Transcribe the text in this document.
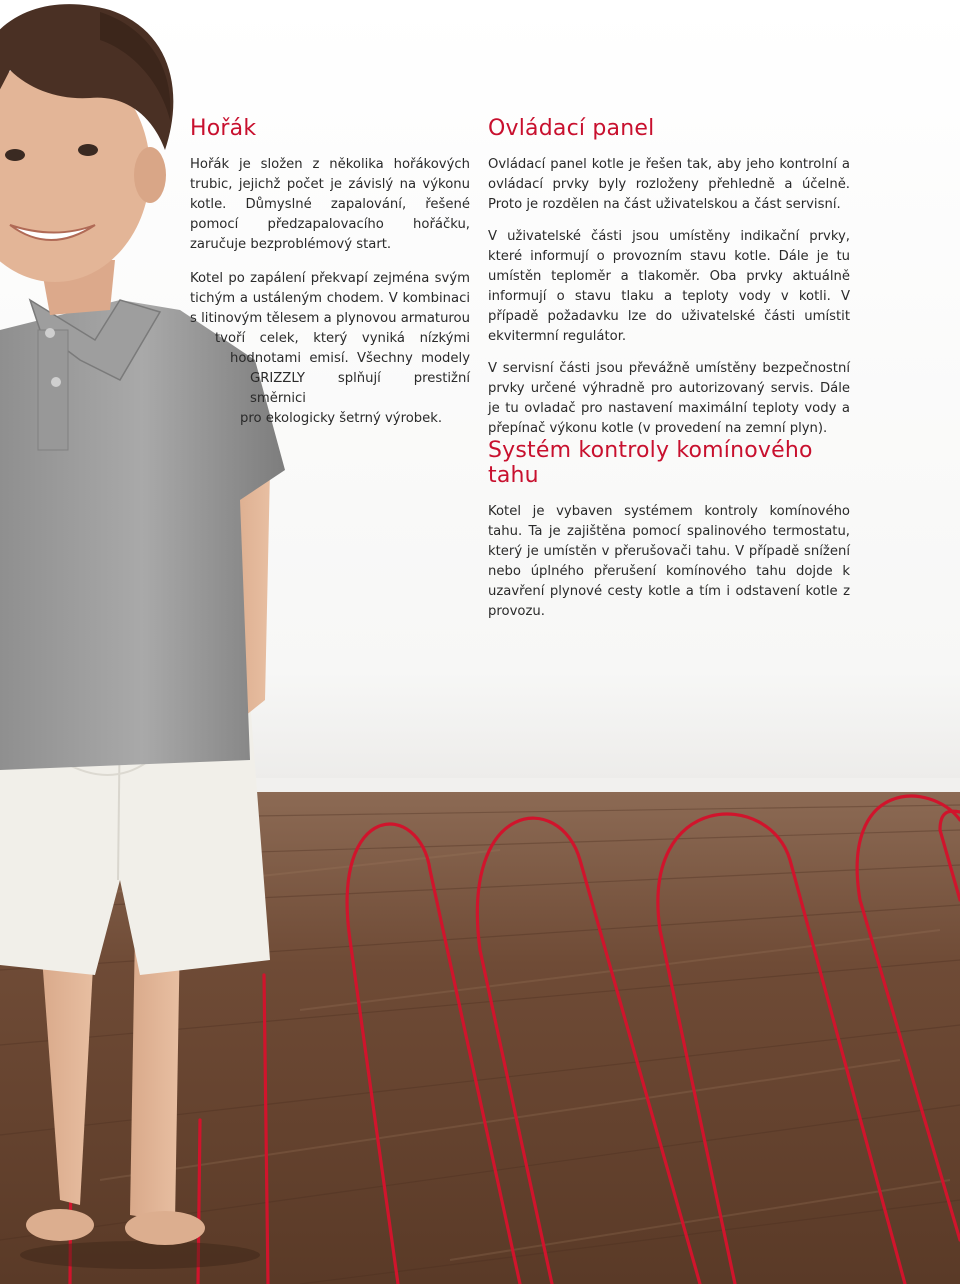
Hořák

Hořák je složen z několika hořákových trubic, jejichž počet je závislý na výkonu kotle. Důmyslné zapalování, řešené pomocí předzapalovacího hořáčku, zaručuje bezproblémový start.

Kotel po zapálení překvapí zejména svým
tichým a ustáleným chodem. V kombinaci
s litinovým tělesem a plynovou armaturou
tvoří celek, který vyniká nízkými
hodnotami emisí. Všechny modely
GRIZZLY splňují prestižní směrnici
pro ekologicky šetrný výrobek.

Ovládací panel

Ovládací panel kotle je řešen tak, aby jeho kontrolní a ovládací prvky byly rozloženy přehledně a účelně. Proto je rozdělen na část uživatelskou a část servisní.

V uživatelské části jsou umístěny indikační prvky, které informují o provozním stavu kotle. Dále je tu umístěn teploměr a tlakoměr. Oba prvky aktuálně informují o stavu tlaku a teploty vody v kotli. V případě požadavku lze do uživatelské části umístit ekvitermní regulátor.

V servisní části jsou převážně umístěny bezpečnostní prvky určené výhradně pro autorizovaný servis. Dále je tu ovladač pro nastavení maximální teploty vody a přepínač výkonu kotle (v provedení na zemní plyn).

Systém kontroly komínového tahu

Kotel je vybaven systémem kontroly komínového tahu. Ta je zajištěna pomocí spalinového termostatu, který je umístěn v přerušovači tahu. V případě snížení nebo úplného přerušení komínového tahu dojde k uzavření plynové cesty kotle a tím i odstavení kotle z provozu.
